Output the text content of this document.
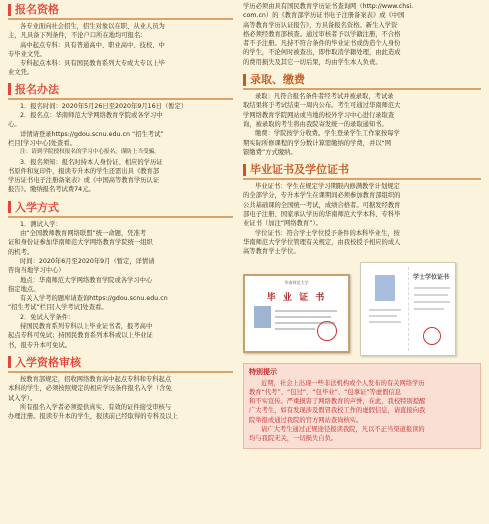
报名资格

各专业面向社会招生，招生对象以在职、从业人员为

主，凡具备下列条件，不论户口所在地均可报名：

高中起点专科：具有普通高中、职业高中、技校、中

专毕业文凭。

专科起点本科：具有国民教育系列大专或大专以上毕

业文凭。

报名办法

1．报名时间：2020年5月26日至2020年9月16日（暂定）

2．报名点：华南师范大学网络教育学院或各学习中

心。

详情请登录https://gdou.scnu.edu.cn “招生考试”

栏目[学习中心]处查看。

注：请到学院授权报名的学习中心报名，谨防上当受骗。

3．报名须知：报名时持本人身份证、相应的学历证

书原件和复印件，报读专升本的学生还需出具《教育部

学历证书电子注册备案表》或《中国高等教育学历认证

报告》。缴纳报名考试费74元。

入学方式

1．测试入学：

由“全国教师教育网络联盟”统一命题，凭准考

证和身份证参加华南师范大学网络教育学院统一组织

的机考。

时间：2020年6月至2020年9月（暂定，详情请

咨询当地学习中心）

地点：华南师范大学网络教育学院或各学习中心

指定地点。

有关入学考的题库请查询https://gdou.scnu.edu.cn

“招生考试”栏目[入学考试]处查看。

2．免试入学条件：

持国民教育系列专科以上毕业证书者，报考高中

起点专科可免试；持国民教育系列本科或以上毕业证

书，报专升本可免试。

入学资格审核

按教育部规定，招收网络教育高中起点专科和专科起点

本科的学生，必须按照规定的相应学历条件报名入学（含免

试入学）。

所有报名入学者必须提供真实、有效的证件接受审核与

办理注册。报读专升本的学生，报读前已经取得的专科及以上

学历必须由具有国民教育学历证书查询网（http://www.chsi.

com.cn）的《教育部学历证书电子注册备案表》或《中国

高等教育学历认证报告》，方具备报名资格。新生入学资

格必须经教育部核查。通过审核者予以学籍注册，不合格

者不予注册。凡持不符合条件的毕业证书或伪造个人身份

的学生，不论何时被查出，即作取消学籍处理，由此造成

的费用损失及其它一切后果，均由学生本人负责。

录取、缴费

录取：凡符合报名条件者经考试并被录取，考试录

取结果将于考试结束一周内公布。考生可通过华南师范大

学网络教育学院网站或当地的校外学习中心进行录取查

询，被录取的考生将由我院寄发统一的录取通知书。

缴费：学院按学分收费。学生登录学生工作家按每学

期实际所修课程的学分数计算需缴纳的学费，并以“网

银缴费”方式缴纳。

毕业证书及学位证书

毕业证书：学生在规定学习期限内修满教学计划规定

的全部学分，专升本学生在课期间必须参加教育部组织的

公共基础课的全国统一考试，成绩合格者。可据发经教育

部电子注册、国家承认学历的华南师范大学本科、专科毕

业证书（加注“网络教育”）。

学位证书：符合学士学位授予条件的本科毕业生，按

华南师范大学学位管理有关规定，由我校授予相应的成人

高等教育学士学位。

华南师范大学
毕 业 证 书
学士学位证书

特别提示

近期，社会上出现一些非法机构或个人发布的有关网络学历

教育“代考”、“包过”、“包毕业”、“包拿证”等虚假信息

和不实宣传。严重损害了网络教育的声誉，在此，我校特别提醒

广大考生，如有发现涉及假冒我校工作的虚假信息，请直接向我

院举报或通过我院的官方网站查询核实。

请广大考生通过正规途径报读我院，凡以不正当渠道报读的

均与我院无关，一切损失自负。
